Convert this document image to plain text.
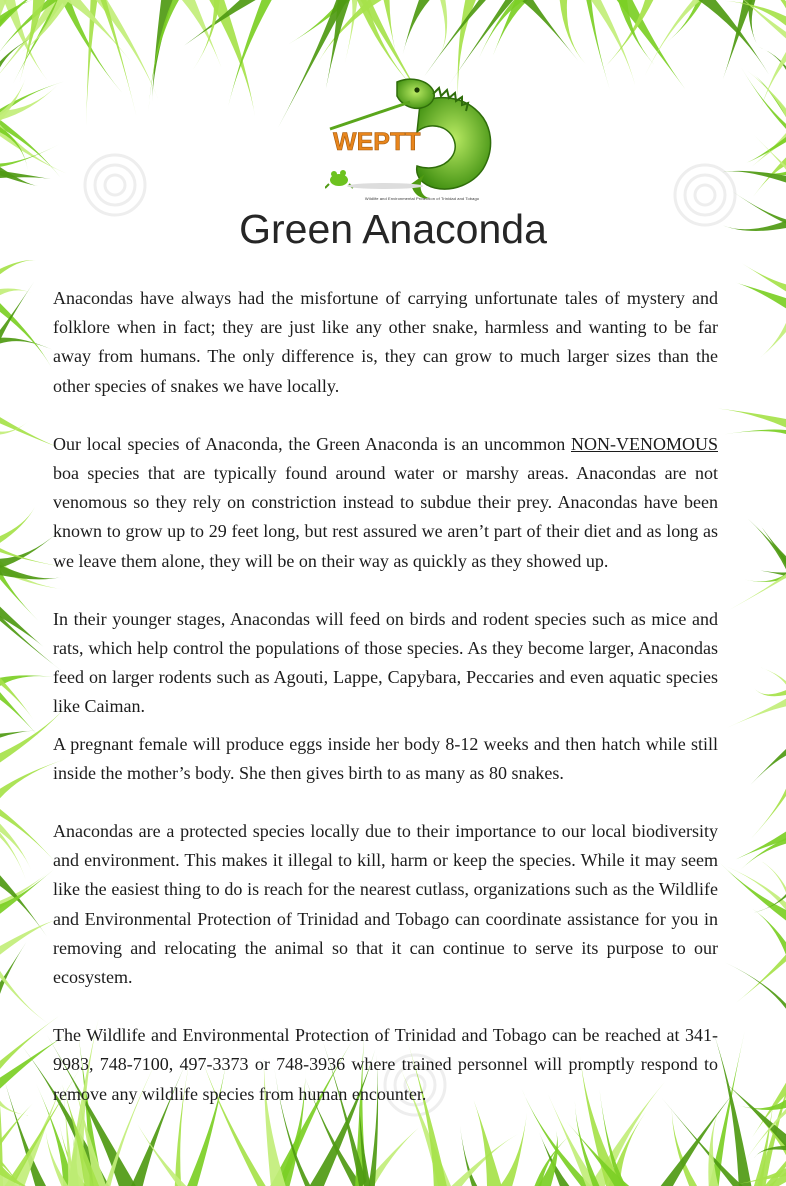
WEPTT
Wildlife and Environmental Protection of Trinidad and Tobago
Green Anaconda

Anacondas have always had the misfortune of carrying unfortunate tales of mystery and folklore when in fact; they are just like any other snake, harmless and wanting to be far away from humans. The only difference is, they can grow to much larger sizes than the other species of snakes we have locally.

Our local species of Anaconda, the Green Anaconda is an uncommon NON-VENOMOUS boa species that are typically found around water or marshy areas. Anacondas are not venomous so they rely on constriction instead to subdue their prey. Anacondas have been known to grow up to 29 feet long, but rest assured we aren’t part of their diet and as long as we leave them alone, they will be on their way as quickly as they showed up.

In their younger stages, Anacondas will feed on birds and rodent species such as mice and rats, which help control the populations of those species. As they become larger, Anacondas feed on larger rodents such as Agouti, Lappe, Capybara, Peccaries and even aquatic species like Caiman.

A pregnant female will produce eggs inside her body 8-12 weeks and then hatch while still inside the mother’s body. She then gives birth to as many as 80 snakes.

Anacondas are a protected species locally due to their importance to our local biodiversity and environment. This makes it illegal to kill, harm or keep the species. While it may seem like the easiest thing to do is reach for the nearest cutlass, organizations such as the Wildlife and Environmental Protection of Trinidad and Tobago can coordinate assistance for you in removing and relocating the animal so that it can continue to serve its purpose to our ecosystem.

The Wildlife and Environmental Protection of Trinidad and Tobago can be reached at 341-9983, 748-7100, 497-3373 or 748-3936 where trained personnel will promptly respond to remove any wildlife species from human encounter.
